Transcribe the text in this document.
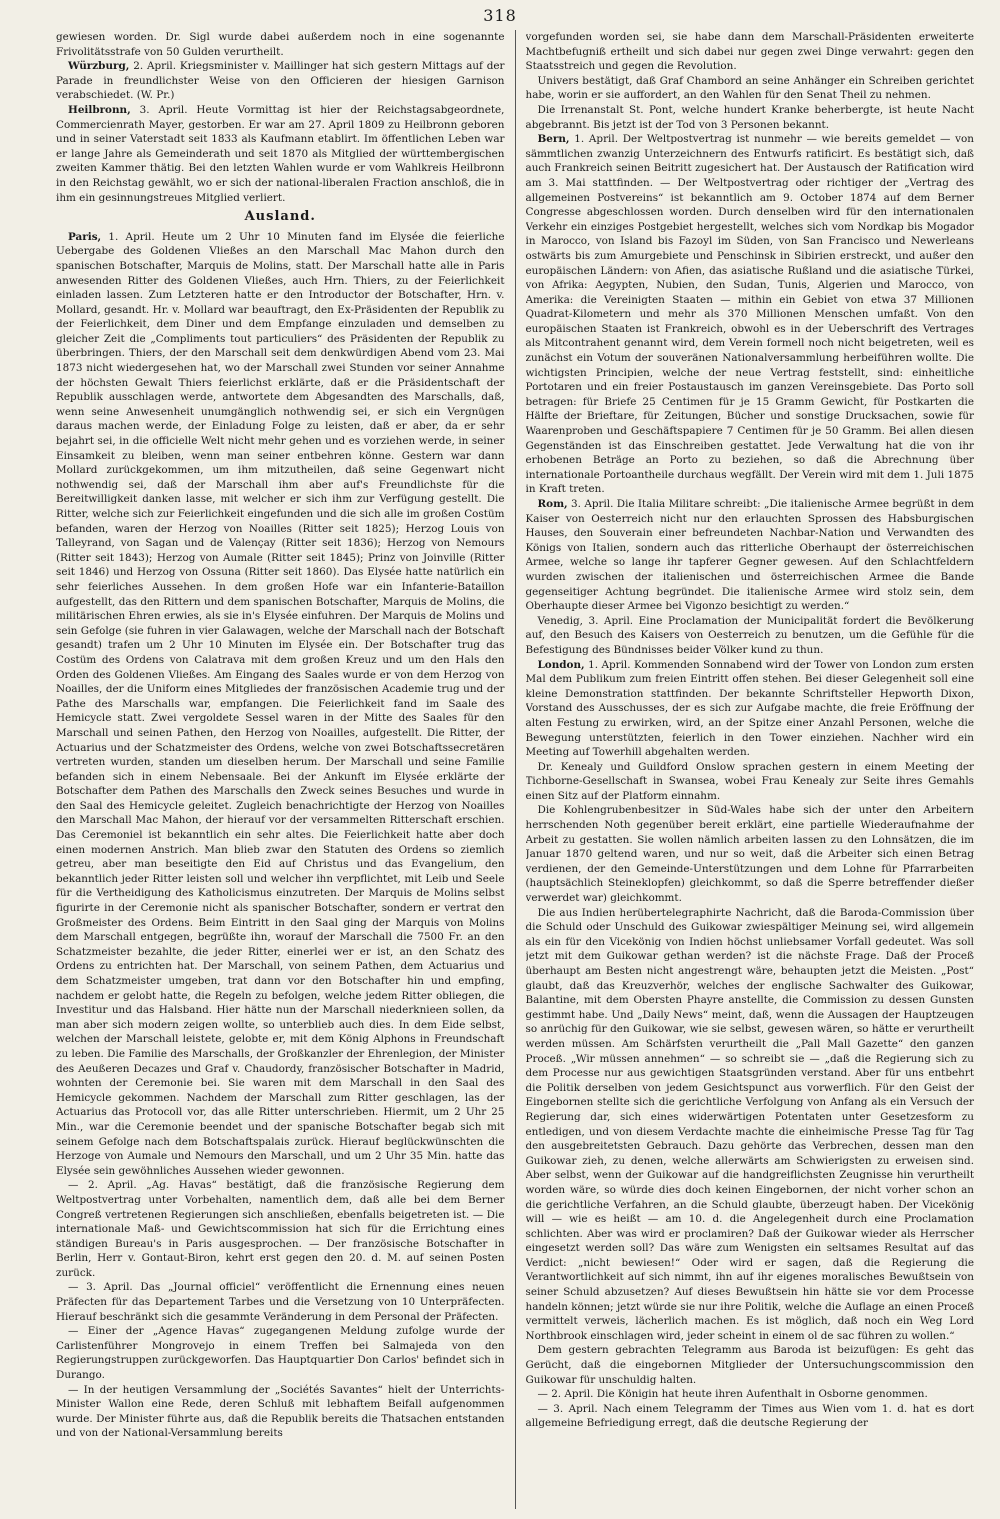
318

gewiesen worden. Dr. Sigl wurde dabei außerdem noch in eine sogenannte Frivolitätsstrafe von 50 Gulden verurtheilt.

Würzburg, 2. April. Kriegsminister v. Maillinger hat sich gestern Mittags auf der Parade in freundlichster Weise von den Officieren der hiesigen Garnison verabschiedet. (W. Pr.)

Heilbronn, 3. April. Heute Vormittag ist hier der Reichstagsabgeordnete, Commercienrath Mayer, gestorben. Er war am 27. April 1809 zu Heilbronn geboren und in seiner Vaterstadt seit 1833 als Kaufmann etablirt. Im öffentlichen Leben war er lange Jahre als Gemeinderath und seit 1870 als Mitglied der württembergischen zweiten Kammer thätig. Bei den letzten Wahlen wurde er vom Wahlkreis Heilbronn in den Reichstag gewählt, wo er sich der national-liberalen Fraction anschloß, die in ihm ein gesinnungstreues Mitglied verliert.

Ausland.

Paris, 1. April. Heute um 2 Uhr 10 Minuten fand im Elysée die feierliche Uebergabe des Goldenen Vließes an den Marschall Mac Mahon durch den spanischen Botschafter, Marquis de Molins, statt. Der Marschall hatte alle in Paris anwesenden Ritter des Goldenen Vließes, auch Hrn. Thiers, zu der Feierlichkeit einladen lassen. Zum Letzteren hatte er den Introductor der Botschafter, Hrn. v. Mollard, gesandt. Hr. v. Mollard war beauftragt, den Ex-Präsidenten der Republik zu der Feierlichkeit, dem Diner und dem Empfange einzuladen und demselben zu gleicher Zeit die „Compliments tout particuliers“ des Präsidenten der Republik zu überbringen. Thiers, der den Marschall seit dem denkwürdigen Abend vom 23. Mai 1873 nicht wiedergesehen hat, wo der Marschall zwei Stunden vor seiner Annahme der höchsten Gewalt Thiers feierlichst erklärte, daß er die Präsidentschaft der Republik ausschlagen werde, antwortete dem Abgesandten des Marschalls, daß, wenn seine Anwesenheit unumgänglich nothwendig sei, er sich ein Vergnügen daraus machen werde, der Einladung Folge zu leisten, daß er aber, da er sehr bejahrt sei, in die officielle Welt nicht mehr gehen und es vorziehen werde, in seiner Einsamkeit zu bleiben, wenn man seiner entbehren könne. Gestern war dann Mollard zurückgekommen, um ihm mitzutheilen, daß seine Gegenwart nicht nothwendig sei, daß der Marschall ihm aber auf's Freundlichste für die Bereitwilligkeit danken lasse, mit welcher er sich ihm zur Verfügung gestellt. Die Ritter, welche sich zur Feierlichkeit eingefunden und die sich alle im großen Costüm befanden, waren der Herzog von Noailles (Ritter seit 1825); Herzog Louis von Talleyrand, von Sagan und de Valençay (Ritter seit 1836); Herzog von Nemours (Ritter seit 1843); Herzog von Aumale (Ritter seit 1845); Prinz von Joinville (Ritter seit 1846) und Herzog von Ossuna (Ritter seit 1860). Das Elysée hatte natürlich ein sehr feierliches Aussehen. In dem großen Hofe war ein Infanterie-Bataillon aufgestellt, das den Rittern und dem spanischen Botschafter, Marquis de Molins, die militärischen Ehren erwies, als sie in's Elysée einfuhren. Der Marquis de Molins und sein Gefolge (sie fuhren in vier Galawagen, welche der Marschall nach der Botschaft gesandt) trafen um 2 Uhr 10 Minuten im Elysée ein. Der Botschafter trug das Costüm des Ordens von Calatrava mit dem großen Kreuz und um den Hals den Orden des Goldenen Vließes. Am Eingang des Saales wurde er von dem Herzog von Noailles, der die Uniform eines Mitgliedes der französischen Academie trug und der Pathe des Marschalls war, empfangen. Die Feierlichkeit fand im Saale des Hemicycle statt. Zwei vergoldete Sessel waren in der Mitte des Saales für den Marschall und seinen Pathen, den Herzog von Noailles, aufgestellt. Die Ritter, der Actuarius und der Schatzmeister des Ordens, welche von zwei Botschaftssecretären vertreten wurden, standen um dieselben herum. Der Marschall und seine Familie befanden sich in einem Nebensaale. Bei der Ankunft im Elysée erklärte der Botschafter dem Pathen des Marschalls den Zweck seines Besuches und wurde in den Saal des Hemicycle geleitet. Zugleich benachrichtigte der Herzog von Noailles den Marschall Mac Mahon, der hierauf vor der versammelten Ritterschaft erschien. Das Ceremoniel ist bekanntlich ein sehr altes. Die Feierlichkeit hatte aber doch einen modernen Anstrich. Man blieb zwar den Statuten des Ordens so ziemlich getreu, aber man beseitigte den Eid auf Christus und das Evangelium, den bekanntlich jeder Ritter leisten soll und welcher ihn verpflichtet, mit Leib und Seele für die Vertheidigung des Katholicismus einzutreten. Der Marquis de Molins selbst figurirte in der Ceremonie nicht als spanischer Botschafter, sondern er vertrat den Großmeister des Ordens. Beim Eintritt in den Saal ging der Marquis von Molins dem Marschall entgegen, begrüßte ihn, worauf der Marschall die 7500 Fr. an den Schatzmeister bezahlte, die jeder Ritter, einerlei wer er ist, an den Schatz des Ordens zu entrichten hat. Der Marschall, von seinem Pathen, dem Actuarius und dem Schatzmeister umgeben, trat dann vor den Botschafter hin und empfing, nachdem er gelobt hatte, die Regeln zu befolgen, welche jedem Ritter obliegen, die Investitur und das Halsband. Hier hätte nun der Marschall niederknieen sollen, da man aber sich modern zeigen wollte, so unterblieb auch dies. In dem Eide selbst, welchen der Marschall leistete, gelobte er, mit dem König Alphons in Freundschaft zu leben. Die Familie des Marschalls, der Großkanzler der Ehrenlegion, der Minister des Aeußeren Decazes und Graf v. Chaudordy, französischer Botschafter in Madrid, wohnten der Ceremonie bei. Sie waren mit dem Marschall in den Saal des Hemicycle gekommen. Nachdem der Marschall zum Ritter geschlagen, las der Actuarius das Protocoll vor, das alle Ritter unterschrieben. Hiermit, um 2 Uhr 25 Min., war die Ceremonie beendet und der spanische Botschafter begab sich mit seinem Gefolge nach dem Botschaftspalais zurück. Hierauf beglückwünschten die Herzoge von Aumale und Nemours den Marschall, und um 2 Uhr 35 Min. hatte das Elysée sein gewöhnliches Aussehen wieder gewonnen.

— 2. April. „Ag. Havas“ bestätigt, daß die französische Regierung dem Weltpostvertrag unter Vorbehalten, namentlich dem, daß alle bei dem Berner Congreß vertretenen Regierungen sich anschließen, ebenfalls beigetreten ist. — Die internationale Maß- und Gewichtscommission hat sich für die Errichtung eines ständigen Bureau's in Paris ausgesprochen. — Der französische Botschafter in Berlin, Herr v. Gontaut-Biron, kehrt erst gegen den 20. d. M. auf seinen Posten zurück.

— 3. April. Das „Journal officiel“ veröffentlicht die Ernennung eines neuen Präfecten für das Departement Tarbes und die Versetzung von 10 Unterpräfecten. Hierauf beschränkt sich die gesammte Veränderung in dem Personal der Präfecten.

— Einer der „Agence Havas“ zugegangenen Meldung zufolge wurde der Carlistenführer Mongrovejo in einem Treffen bei Salmajeda von den Regierungstruppen zurückgeworfen. Das Hauptquartier Don Carlos' befindet sich in Durango.

— In der heutigen Versammlung der „Sociétés Savantes“ hielt der Unterrichts-Minister Wallon eine Rede, deren Schluß mit lebhaftem Beifall aufgenommen wurde. Der Minister führte aus, daß die Republik bereits die Thatsachen entstanden und von der National-Versammlung bereits

vorgefunden worden sei, sie habe dann dem Marschall-Präsidenten erweiterte Machtbefugniß ertheilt und sich dabei nur gegen zwei Dinge verwahrt: gegen den Staatsstreich und gegen die Revolution.

Univers bestätigt, daß Graf Chambord an seine Anhänger ein Schreiben gerichtet habe, worin er sie auffordert, an den Wahlen für den Senat Theil zu nehmen.

Die Irrenanstalt St. Pont, welche hundert Kranke beherbergte, ist heute Nacht abgebrannt. Bis jetzt ist der Tod von 3 Personen bekannt.

Bern, 1. April. Der Weltpostvertrag ist nunmehr — wie bereits gemeldet — von sämmtlichen zwanzig Unterzeichnern des Entwurfs ratificirt. Es bestätigt sich, daß auch Frankreich seinen Beitritt zugesichert hat. Der Austausch der Ratification wird am 3. Mai stattfinden. — Der Weltpostvertrag oder richtiger der „Vertrag des allgemeinen Postvereins“ ist bekanntlich am 9. October 1874 auf dem Berner Congresse abgeschlossen worden. Durch denselben wird für den internationalen Verkehr ein einziges Postgebiet hergestellt, welches sich vom Nordkap bis Mogador in Marocco, von Island bis Fazoyl im Süden, von San Francisco und Newerleans ostwärts bis zum Amurgebiete und Penschinsk in Sibirien erstreckt, und außer den europäischen Ländern: von Afien, das asiatische Rußland und die asiatische Türkei, von Afrika: Aegypten, Nubien, den Sudan, Tunis, Algerien und Marocco, von Amerika: die Vereinigten Staaten — mithin ein Gebiet von etwa 37 Millionen Quadrat-Kilometern und mehr als 370 Millionen Menschen umfaßt. Von den europäischen Staaten ist Frankreich, obwohl es in der Ueberschrift des Vertrages als Mitcontrahent genannt wird, dem Verein formell noch nicht beigetreten, weil es zunächst ein Votum der souveränen Nationalversammlung herbeiführen wollte. Die wichtigsten Principien, welche der neue Vertrag feststellt, sind: einheitliche Portotaren und ein freier Postaustausch im ganzen Vereinsgebiete. Das Porto soll betragen: für Briefe 25 Centimen für je 15 Gramm Gewicht, für Postkarten die Hälfte der Brieftare, für Zeitungen, Bücher und sonstige Drucksachen, sowie für Waarenproben und Geschäftspapiere 7 Centimen für je 50 Gramm. Bei allen diesen Gegenständen ist das Einschreiben gestattet. Jede Verwaltung hat die von ihr erhobenen Beträge an Porto zu beziehen, so daß die Abrechnung über internationale Portoantheile durchaus wegfällt. Der Verein wird mit dem 1. Juli 1875 in Kraft treten.

Rom, 3. April. Die Italia Militare schreibt: „Die italienische Armee begrüßt in dem Kaiser von Oesterreich nicht nur den erlauchten Sprossen des Habsburgischen Hauses, den Souverain einer befreundeten Nachbar-Nation und Verwandten des Königs von Italien, sondern auch das ritterliche Oberhaupt der österreichischen Armee, welche so lange ihr tapferer Gegner gewesen. Auf den Schlachtfeldern wurden zwischen der italienischen und österreichischen Armee die Bande gegenseitiger Achtung begründet. Die italienische Armee wird stolz sein, dem Oberhaupte dieser Armee bei Vigonzo besichtigt zu werden.“

Venedig, 3. April. Eine Proclamation der Municipalität fordert die Bevölkerung auf, den Besuch des Kaisers von Oesterreich zu benutzen, um die Gefühle für die Befestigung des Bündnisses beider Völker kund zu thun.

London, 1. April. Kommenden Sonnabend wird der Tower von London zum ersten Mal dem Publikum zum freien Eintritt offen stehen. Bei dieser Gelegenheit soll eine kleine Demonstration stattfinden. Der bekannte Schriftsteller Hepworth Dixon, Vorstand des Ausschusses, der es sich zur Aufgabe machte, die freie Eröffnung der alten Festung zu erwirken, wird, an der Spitze einer Anzahl Personen, welche die Bewegung unterstützten, feierlich in den Tower einziehen. Nachher wird ein Meeting auf Towerhill abgehalten werden.

Dr. Kenealy und Guildford Onslow sprachen gestern in einem Meeting der Tichborne-Gesellschaft in Swansea, wobei Frau Kenealy zur Seite ihres Gemahls einen Sitz auf der Platform einnahm.

Die Kohlengrubenbesitzer in Süd-Wales habe sich der unter den Arbeitern herrschenden Noth gegenüber bereit erklärt, eine partielle Wiederaufnahme der Arbeit zu gestatten. Sie wollen nämlich arbeiten lassen zu den Lohnsätzen, die im Januar 1870 geltend waren, und nur so weit, daß die Arbeiter sich einen Betrag verdienen, der den Gemeinde-Unterstützungen und dem Lohne für Pfarrarbeiten (hauptsächlich Steineklopfen) gleichkommt, so daß die Sperre betreffender dießer verwerdet war) gleichkommt.

Die aus Indien herübertelegraphirte Nachricht, daß die Baroda-Commission über die Schuld oder Unschuld des Guikowar zwiespältiger Meinung sei, wird allgemein als ein für den Vicekönig von Indien höchst unliebsamer Vorfall gedeutet. Was soll jetzt mit dem Guikowar gethan werden? ist die nächste Frage. Daß der Proceß überhaupt am Besten nicht angestrengt wäre, behaupten jetzt die Meisten. „Post“ glaubt, daß das Kreuzverhör, welches der englische Sachwalter des Guikowar, Balantine, mit dem Obersten Phayre anstellte, die Commission zu dessen Gunsten gestimmt habe. Und „Daily News“ meint, daß, wenn die Aussagen der Hauptzeugen so anrüchig für den Guikowar, wie sie selbst, gewesen wären, so hätte er verurtheilt werden müssen. Am Schärfsten verurtheilt die „Pall Mall Gazette“ den ganzen Proceß. „Wir müssen annehmen“ — so schreibt sie — „daß die Regierung sich zu dem Processe nur aus gewichtigen Staatsgründen verstand. Aber für uns entbehrt die Politik derselben von jedem Gesichtspunct aus vorwerflich. Für den Geist der Eingebornen stellte sich die gerichtliche Verfolgung von Anfang als ein Versuch der Regierung dar, sich eines widerwärtigen Potentaten unter Gesetzesform zu entledigen, und von diesem Verdachte machte die einheimische Presse Tag für Tag den ausgebreitetsten Gebrauch. Dazu gehörte das Verbrechen, dessen man den Guikowar zieh, zu denen, welche allerwärts am Schwierigsten zu erweisen sind. Aber selbst, wenn der Guikowar auf die handgreiflichsten Zeugnisse hin verurtheilt worden wäre, so würde dies doch keinen Eingebornen, der nicht vorher schon an die gerichtliche Verfahren, an die Schuld glaubte, überzeugt haben. Der Vicekönig will — wie es heißt — am 10. d. die Angelegenheit durch eine Proclamation schlichten. Aber was wird er proclamiren? Daß der Guikowar wieder als Herrscher eingesetzt werden soll? Das wäre zum Wenigsten ein seltsames Resultat auf das Verdict: „nicht bewiesen!“ Oder wird er sagen, daß die Regierung die Verantwortlichkeit auf sich nimmt, ihn auf ihr eigenes moralisches Bewußtsein von seiner Schuld abzusetzen? Auf dieses Bewußtsein hin hätte sie vor dem Processe handeln können; jetzt würde sie nur ihre Politik, welche die Auflage an einen Proceß vermittelt verweis, lächerlich machen. Es ist möglich, daß noch ein Weg Lord Northbrook einschlagen wird, jeder scheint in einem ol de sac führen zu wollen.“

Dem gestern gebrachten Telegramm aus Baroda ist beizufügen: Es geht das Gerücht, daß die eingebornen Mitglieder der Untersuchungscommission den Guikowar für unschuldig halten.

— 2. April. Die Königin hat heute ihren Aufenthalt in Osborne genommen.

— 3. April. Nach einem Telegramm der Times aus Wien vom 1. d. hat es dort allgemeine Befriedigung erregt, daß die deutsche Regierung der
